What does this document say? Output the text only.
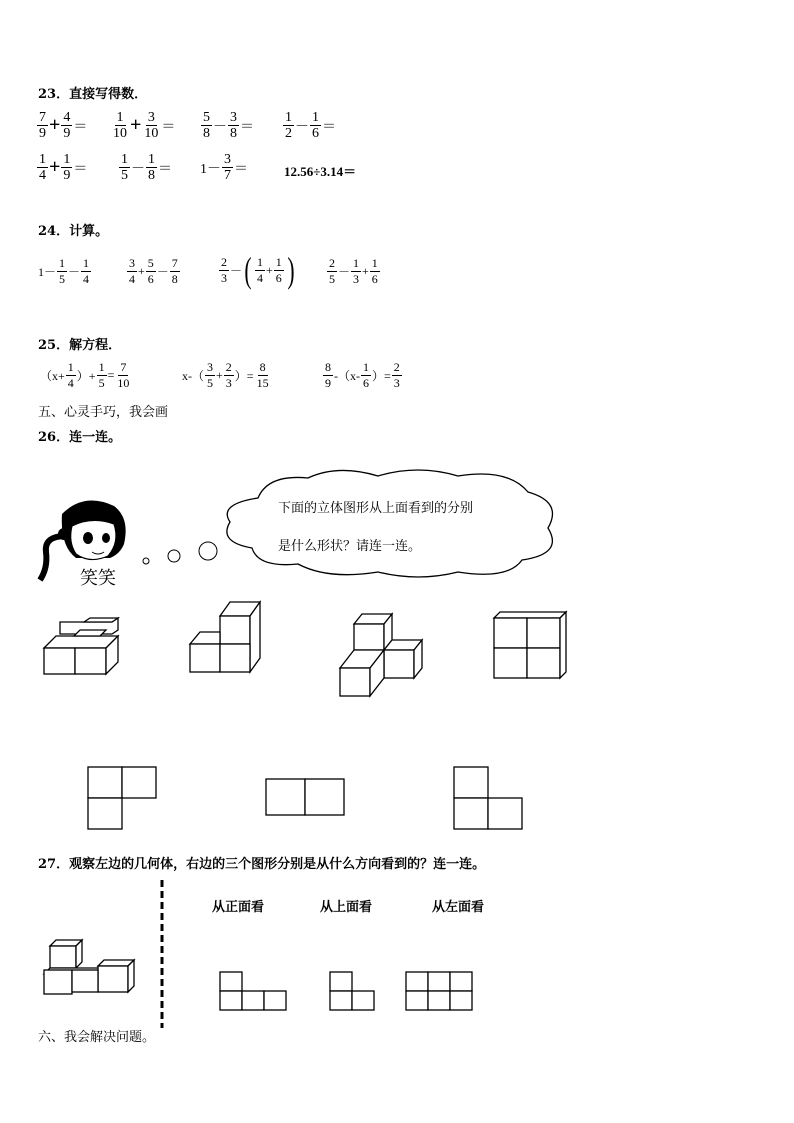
23．直接写得数．
$\frac{7}{9} + \frac{4}{9} = \frac{1}{10} + \frac{3}{10} = \frac{5}{8} - \frac{3}{8} = \frac{1}{2} - \frac{1}{6}$ ＝
$\frac{1}{4} + \frac{1}{9} = \frac{1}{5} - \frac{1}{8} = 1- \frac{3}{7}$ ＝	12.56÷3.14＝
24．计算。
$1- \frac{1}{5} - \frac{1}{4}$	$\frac{3}{4} + \frac{5}{6} - \frac{7}{8}$	$\frac{2}{3}$ － ( $\frac{1}{4} + \frac{1}{6}$ )	$\frac{2}{5} - \frac{1}{3} + \frac{1}{6}$
25．解方程．
（$x+ \frac{1}{4}$ ）+ $\frac{1}{5} = \frac{7}{10}$	$x-( \frac{3}{5} + \frac{2}{3}$ ）= $\frac{8}{15}$	$\frac{8}{9} -(x- \frac{1}{6}$ ）= $\frac{2}{3}$
五、心灵手巧，我会画
26．连一连。
笑笑
下面的立体图形从上面看到的分别
是什么形状？请连一连。
27．观察左边的几何体，右边的三个图形分别是从什么方向看到的？连一连。
从正面看	从上面看	从左面看
六、我会解决问题。
